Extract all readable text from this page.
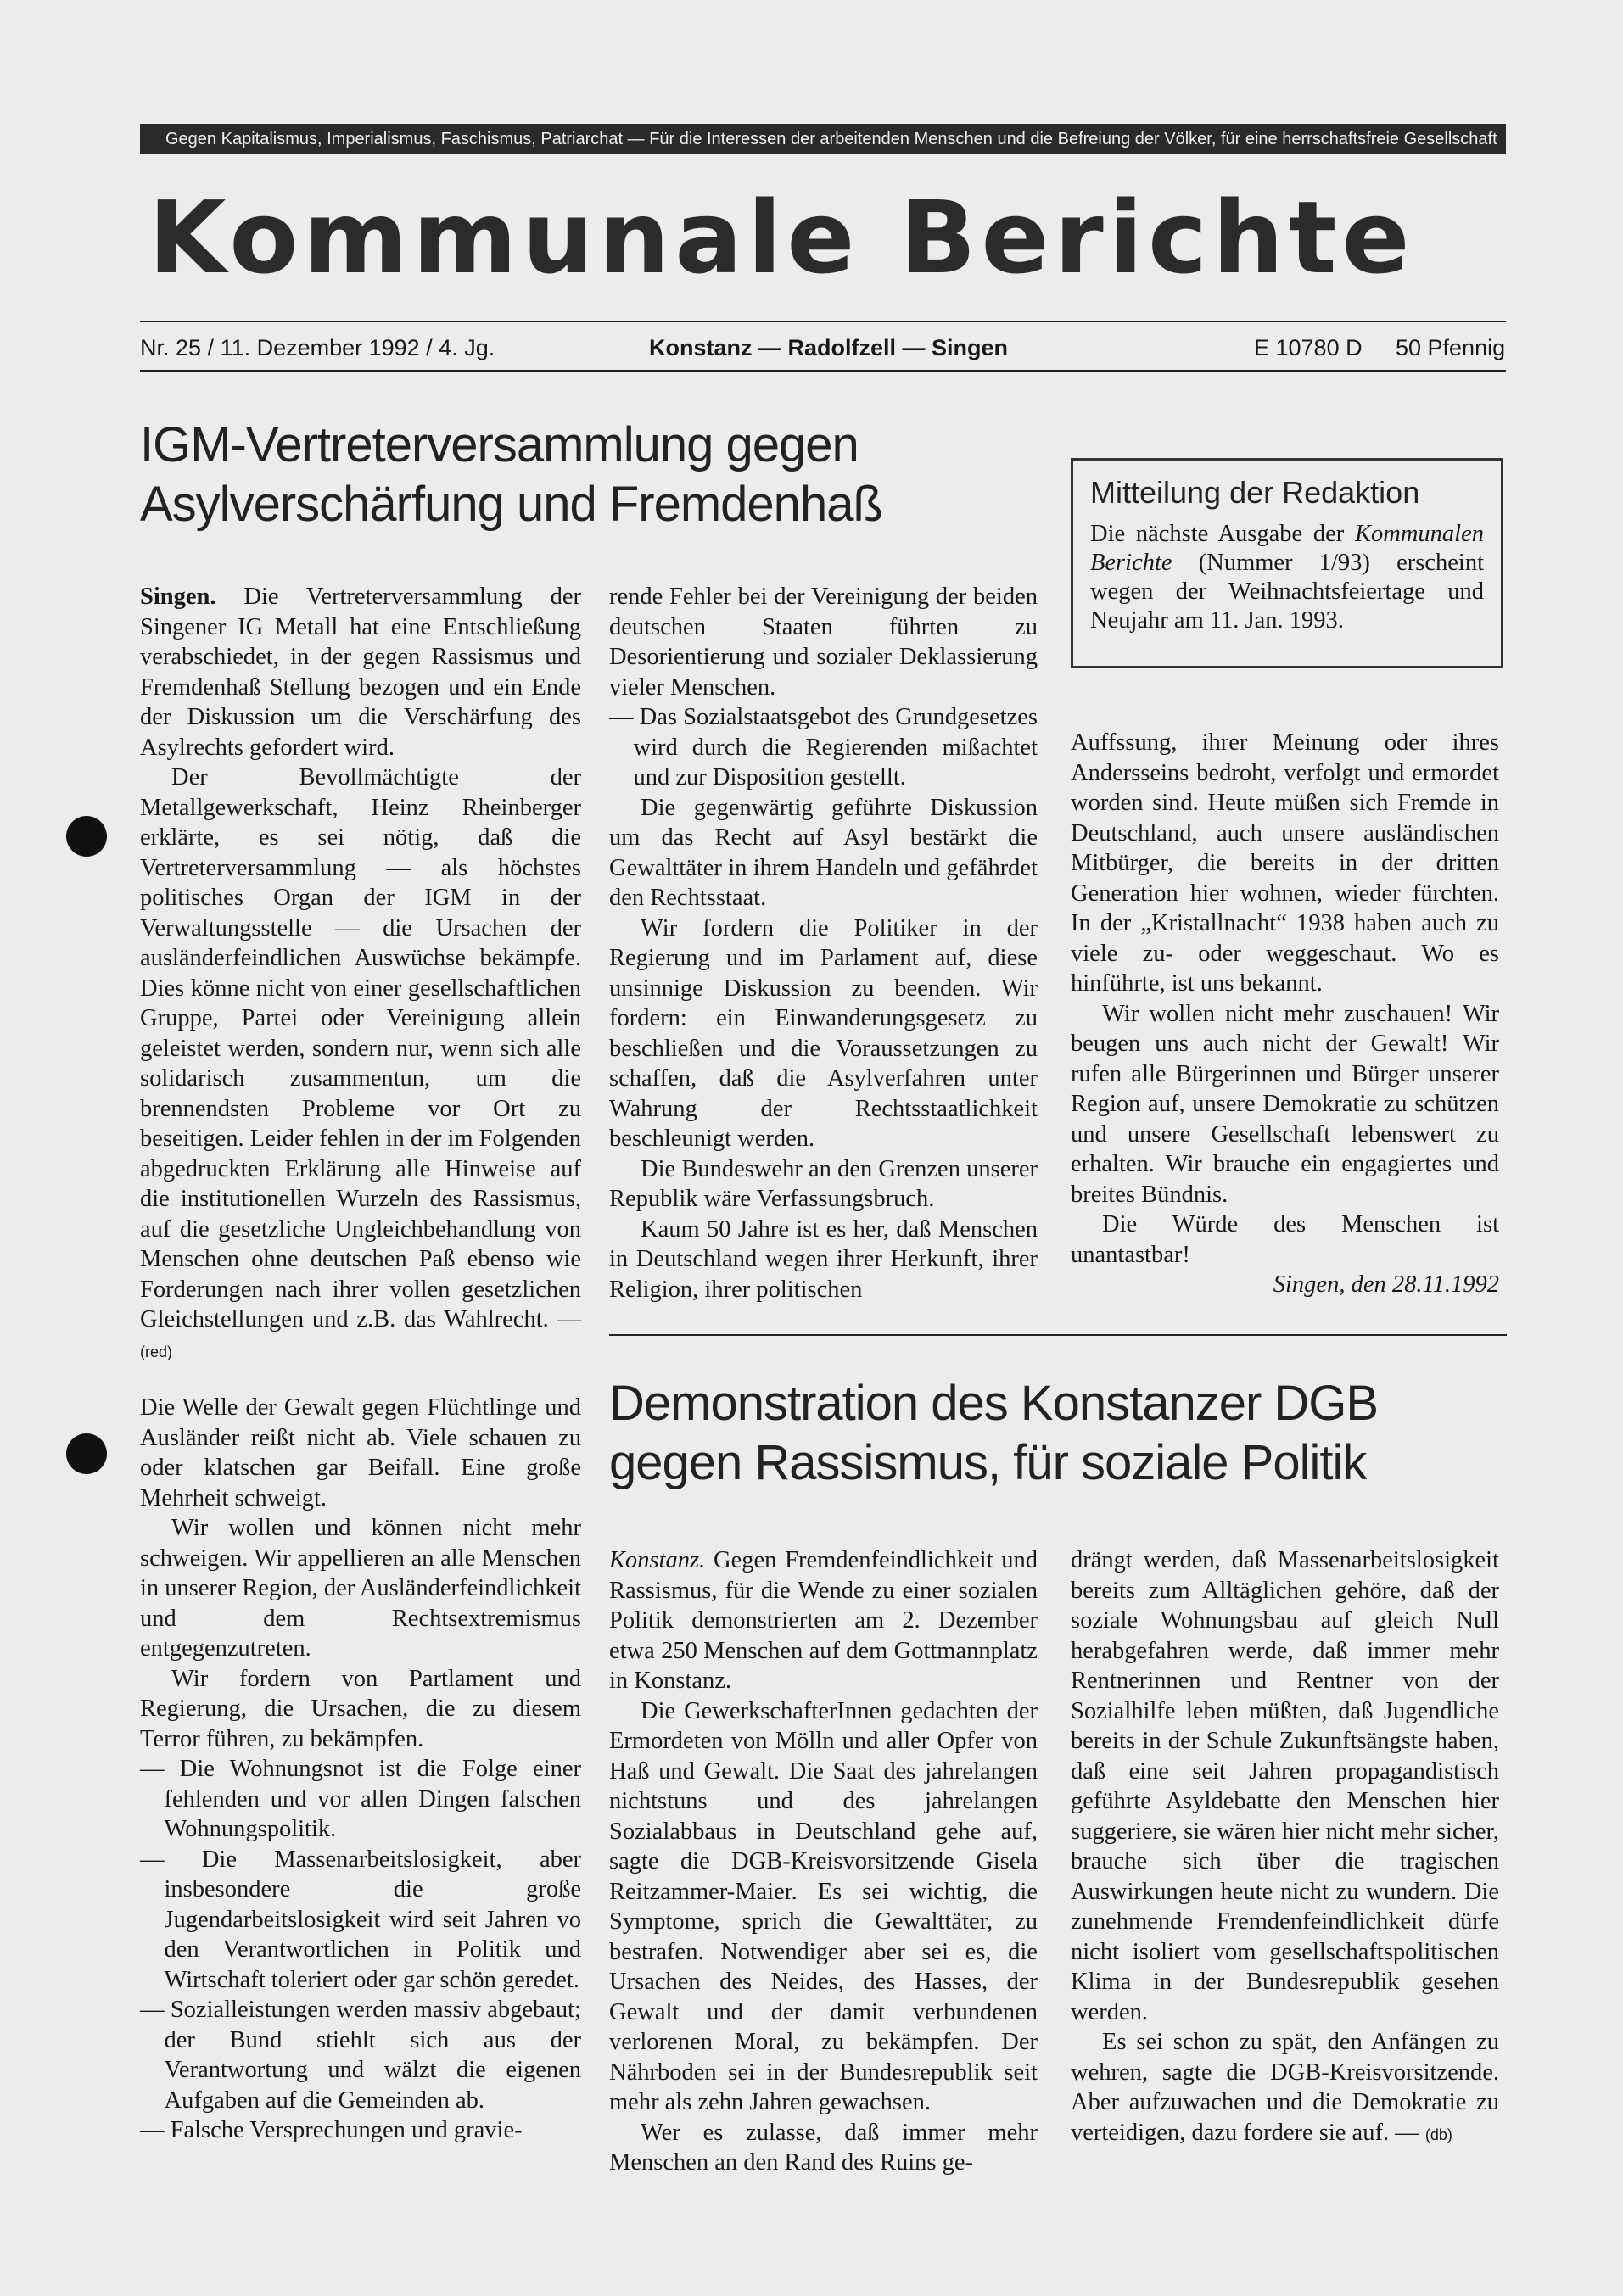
Gegen Kapitalismus, Imperialismus, Faschismus, Patriarchat — Für die Interessen der arbeitenden Menschen und die Befreiung der Völker, für eine herrschaftsfreie Gesellschaft
Kommunale Berichte
Nr. 25 / 11. Dezember 1992 / 4. Jg.	Konstanz — Radolfzell — Singen	E 10780 D 50 Pfennig
IGM-Vertreterversammlung gegen
Asylverschärfung und Fremdenhaß	Mitteilung der Redaktion
Die nächste Ausgabe der Kommunalen Berichte (Nummer 1/93) erscheint wegen der Weihnachtsfeiertage und Neujahr am 11. Jan. 1993.

Singen. Die Vertreterversammlung der Singener IG Metall hat eine Entschließung verabschiedet, in der gegen Rassismus und Fremdenhaß Stellung bezogen und ein Ende der Diskussion um die Verschärfung des Asylrechts gefordert wird.

Der Bevollmächtigte der Metallgewerkschaft, Heinz Rheinberger erklärte, es sei nötig, daß die Vertreterversammlung — als höchstes politisches Organ der IGM in der Verwaltungsstelle — die Ursachen der ausländerfeindlichen Auswüchse bekämpfe. Dies könne nicht von einer gesellschaftlichen Gruppe, Partei oder Vereinigung allein geleistet werden, sondern nur, wenn sich alle solidarisch zusammentun, um die brennendsten Probleme vor Ort zu beseitigen. Leider fehlen in der im Folgenden abgedruckten Erklärung alle Hinweise auf die institutionellen Wurzeln des Rassismus, auf die gesetzliche Ungleichbehandlung von Menschen ohne deutschen Paß ebenso wie Forderungen nach ihrer vollen gesetzlichen Gleichstellungen und z.B. das Wahlrecht. — (red)

Die Welle der Gewalt gegen Flüchtlinge und Ausländer reißt nicht ab. Viele schauen zu oder klatschen gar Beifall. Eine große Mehrheit schweigt.

Wir wollen und können nicht mehr schweigen. Wir appellieren an alle Menschen in unserer Region, der Ausländerfeindlichkeit und dem Rechtsextremismus entgegenzutreten.

Wir fordern von Partlament und Regierung, die Ursachen, die zu diesem Terror führen, zu bekämpfen.

— Die Wohnungsnot ist die Folge einer fehlenden und vor allen Dingen falschen Wohnungspolitik.

— Die Massenarbeitslosigkeit, aber insbesondere die große Jugendarbeitslosigkeit wird seit Jahren vo den Verantwortlichen in Politik und Wirtschaft toleriert oder gar schön geredet.

— Sozialleistungen werden massiv abgebaut; der Bund stiehlt sich aus der Verantwortung und wälzt die eigenen Aufgaben auf die Gemeinden ab.

— Falsche Versprechungen und gravie-

rende Fehler bei der Vereinigung der beiden deutschen Staaten führten zu Desorientierung und sozialer Deklassierung vieler Menschen.

— Das Sozialstaatsgebot des Grundgesetzes wird durch die Regierenden mißachtet und zur Disposition gestellt.

Die gegenwärtig geführte Diskussion um das Recht auf Asyl bestärkt die Gewalttäter in ihrem Handeln und gefährdet den Rechtsstaat.

Wir fordern die Politiker in der Regierung und im Parlament auf, diese unsinnige Diskussion zu beenden. Wir fordern: ein Einwanderungsgesetz zu beschließen und die Voraussetzungen zu schaffen, daß die Asylverfahren unter Wahrung der Rechtsstaatlichkeit beschleunigt werden.

Die Bundeswehr an den Grenzen unserer Republik wäre Verfassungsbruch.

Kaum 50 Jahre ist es her, daß Menschen in Deutschland wegen ihrer Herkunft, ihrer Religion, ihrer politischen

Auffssung, ihrer Meinung oder ihres Andersseins bedroht, verfolgt und ermordet worden sind. Heute müßen sich Fremde in Deutschland, auch unsere ausländischen Mitbürger, die bereits in der dritten Generation hier wohnen, wieder fürchten. In der „Kristallnacht“ 1938 haben auch zu viele zu- oder weggeschaut. Wo es hinführte, ist uns bekannt.

Wir wollen nicht mehr zuschauen! Wir beugen uns auch nicht der Gewalt! Wir rufen alle Bürgerinnen und Bürger unserer Region auf, unsere Demokratie zu schützen und unsere Gesellschaft lebenswert zu erhalten. Wir brauche ein engagiertes und breites Bündnis.

Die Würde des Menschen ist unantastbar!

Singen, den 28.11.1992

Demonstration des Konstanzer DGB
gegen Rassismus, für soziale Politik

Konstanz. Gegen Fremdenfeindlichkeit und Rassismus, für die Wende zu einer sozialen Politik demonstrierten am 2. Dezember etwa 250 Menschen auf dem Gottmannplatz in Konstanz.

Die GewerkschafterInnen gedachten der Ermordeten von Mölln und aller Opfer von Haß und Gewalt. Die Saat des jahrelangen nichtstuns und des jahrelangen Sozialabbaus in Deutschland gehe auf, sagte die DGB-Kreisvorsitzende Gisela Reitzammer-Maier. Es sei wichtig, die Symptome, sprich die Gewalttäter, zu bestrafen. Notwendiger aber sei es, die Ursachen des Neides, des Hasses, der Gewalt und der damit verbundenen verlorenen Moral, zu bekämpfen. Der Nährboden sei in der Bundesrepublik seit mehr als zehn Jahren gewachsen.

Wer es zulasse, daß immer mehr Menschen an den Rand des Ruins ge-

drängt werden, daß Massenarbeitslosigkeit bereits zum Alltäglichen gehöre, daß der soziale Wohnungsbau auf gleich Null herabgefahren werde, daß immer mehr Rentnerinnen und Rentner von der Sozialhilfe leben müßten, daß Jugendliche bereits in der Schule Zukunftsängste haben, daß eine seit Jahren propagandistisch geführte Asyldebatte den Menschen hier suggeriere, sie wären hier nicht mehr sicher, brauche sich über die tragischen Auswirkungen heute nicht zu wundern. Die zunehmende Fremdenfeindlichkeit dürfe nicht isoliert vom gesellschaftspolitischen Klima in der Bundesrepublik gesehen werden.

Es sei schon zu spät, den Anfängen zu wehren, sagte die DGB-Kreisvorsitzende. Aber aufzuwachen und die Demokratie zu verteidigen, dazu fordere sie auf. — (db)
